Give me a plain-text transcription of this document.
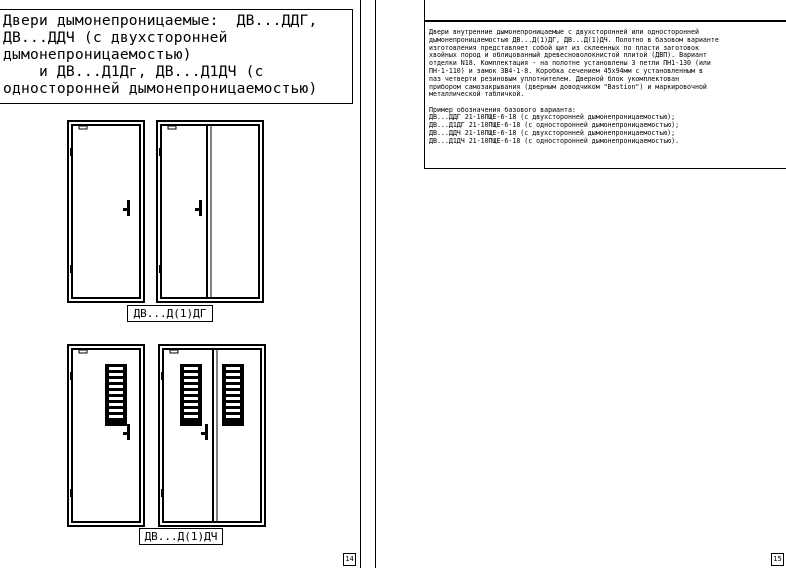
Двери дымонепроницаемые:  ДВ...ДДГ,
ДВ...ДДЧ (с двухсторонней
дымонепроницаемостью)
и ДВ...Д1Дг, ДВ...Д1ДЧ (с
односторонней дымонепроницаемостью)
ДВ...Д(1)ДГ
ДВ...Д(1)ДЧ
14

Двери внутренние дымонепроницаемые с двухсторонней или односторонней

дымонепроницаемостью ДВ...Д(1)ДГ, ДВ...Д(1)ДЧ. Полотно в базовом варианте

изготовления представляет собой щит из склеенных по пласти заготовок

хвойных пород и облицованный древесноволокнистой плитой (ДВП). Вариант

отделки N18. Комплектация - на полотне установлены 3 петли ПН1-130 (или

ПН-1-110) и замок ЗВ4-1-8. Коробка сечением 45х94мм с установленным в

паз четверти резиновым уплотнителем. Дверной блок укомплектован

прибором самозакрывания (дверным доводчиком "Bastion") и маркировочной

металлической табличкой.

Пример обозначения базового варианта:

ДВ...ДДГ 21-10ПЩЕ-6-18 (с двухсторонней дымонепроницаемостью);

ДВ...Д1ДГ 21-10ПЩЕ-6-18 (с односторонней дымонепроницаемостью);

ДВ...ДДЧ 21-10ПЩЕ-6-18 (с двухсторонней дымонепроницаемостью);

ДВ...Д1ДЧ 21-10ПЩЕ-6-18 (с односторонней дымонепроницаемостью).

15
